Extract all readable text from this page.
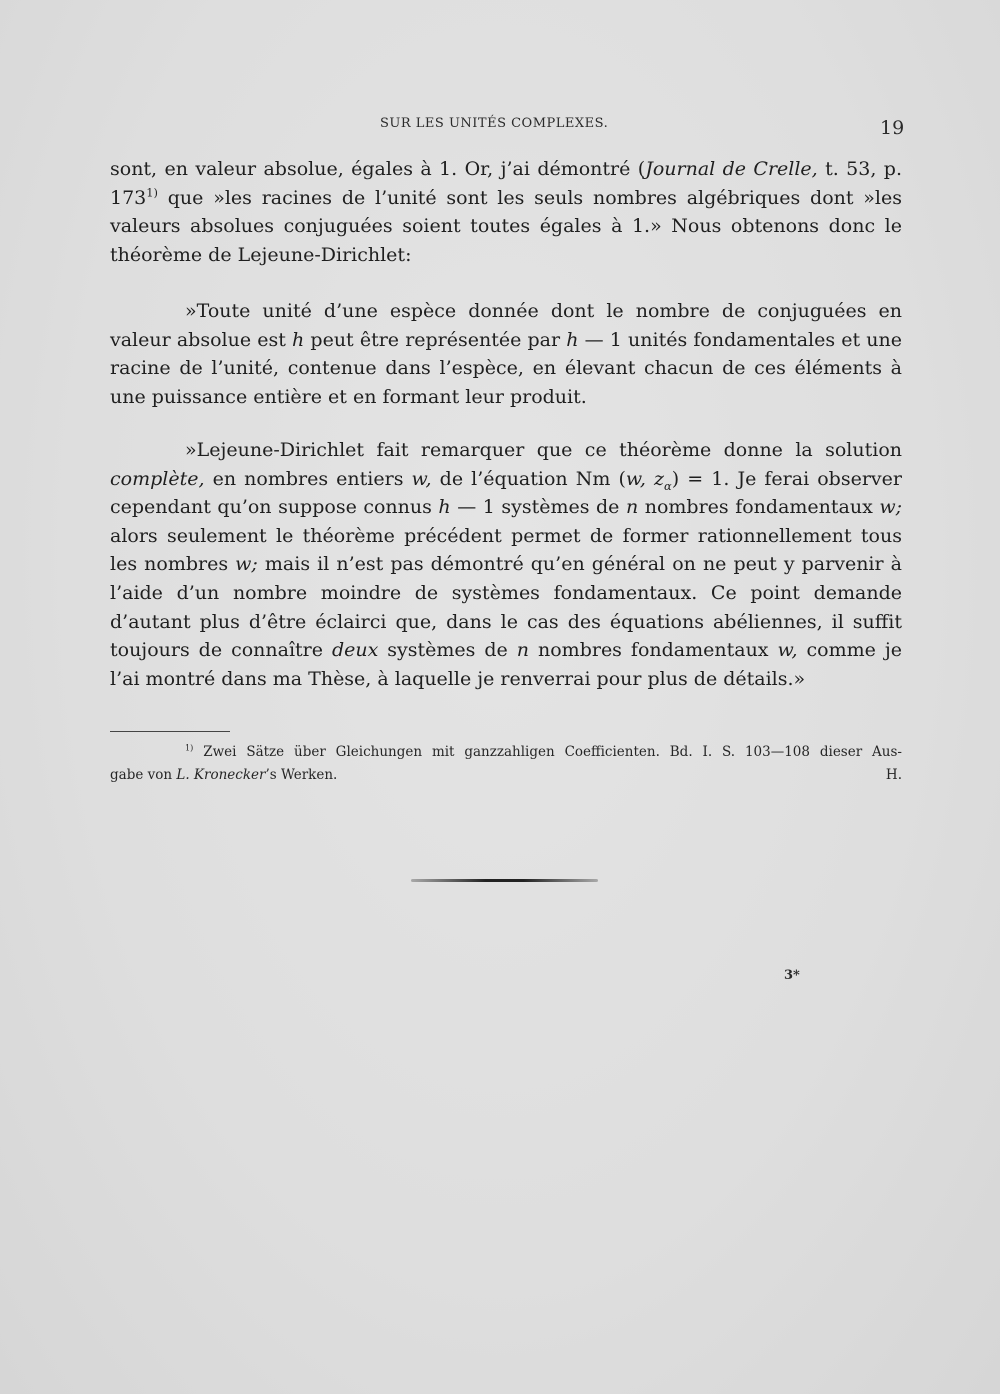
SUR LES UNITÉS COMPLEXES.	19

sont, en valeur absolue, égales à 1. Or, j’ai démontré (Journal de Crelle, t. 53, p. 173$^{1)}$ que »les racines de l’unité sont les seuls nombres algébriques dont »les valeurs absolues conjuguées soient toutes égales à 1.» Nous obtenons donc le théorème de Lejeune-Dirichlet:

»Toute unité d’une espèce donnée dont le nombre de conjuguées en valeur absolue est h peut être représentée par h — 1 unités fondamentales et une racine de l’unité, contenue dans l’espèce, en élevant chacun de ces éléments à une puissance entière et en formant leur produit.

»Lejeune-Dirichlet fait remarquer que ce théorème donne la solution complète, en nombres entiers w, de l’équation Nm (w, $z_\alpha) = 1$. Je ferai observer cependant qu’on suppose connus h — 1 systèmes de n nombres fondamentaux w; alors seulement le théorème précédent permet de former rationnellement tous les nombres w; mais il n’est pas démontré qu’en général on ne peut y parvenir à l’aide d’un nombre moindre de systèmes fondamentaux. Ce point demande d’autant plus d’être éclairci que, dans le cas des équations abéliennes, il suffit toujours de connaître deux systèmes de n nombres fondamentaux w, comme je l’ai montré dans ma Thèse, à laquelle je renverrai pour plus de détails.»

$^{1)}$ Zwei Sätze über Gleichungen mit ganzzahligen Coefficienten. Bd. I. S. 103—108 dieser Aus-
gabe von L. Kronecker’s Werken.	H.
3*
